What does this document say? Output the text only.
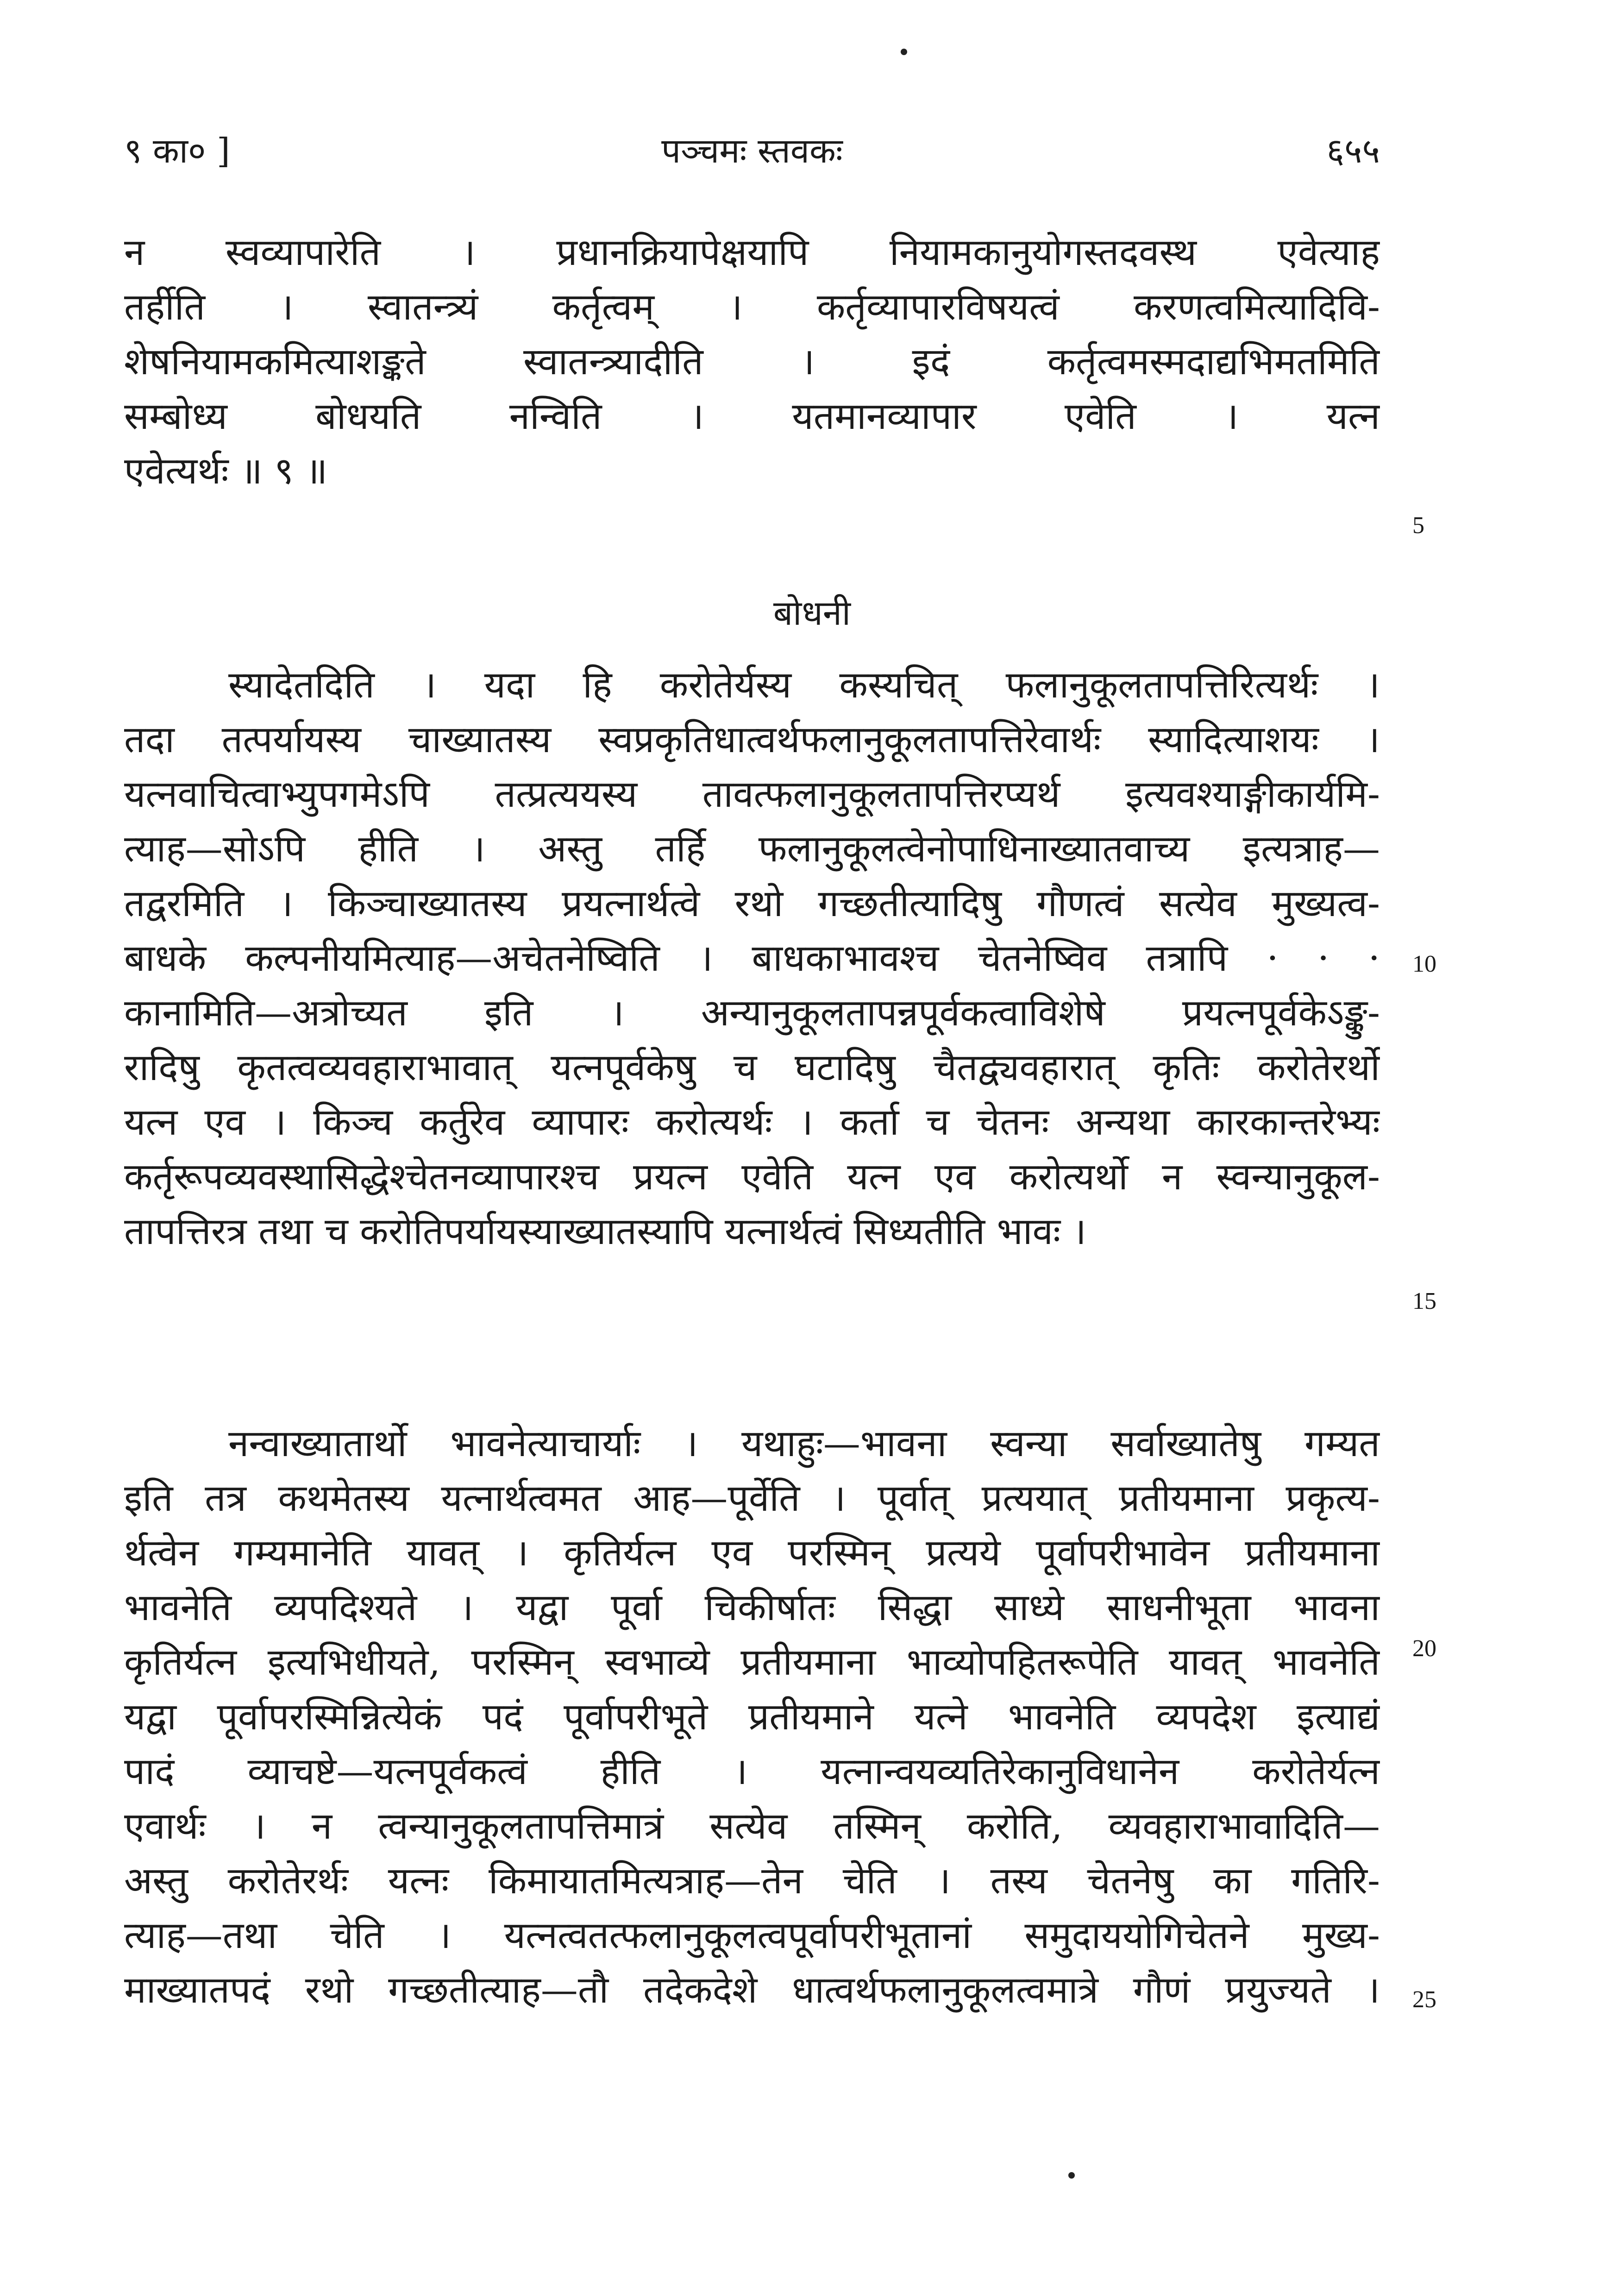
९ का० ]	पञ्चमः स्तवकः	६५५
न स्वव्यापारेति । प्रधानक्रियापेक्षयापि नियामकानुयोगस्तदवस्थ एवेत्याह
तर्हीति । स्वातन्त्र्यं कर्तृत्वम् । कर्तृव्यापारविषयत्वं करणत्वमित्यादिवि-
शेषनियामकमित्याशङ्कते स्वातन्त्र्यादीति । इदं कर्तृत्वमस्मदाद्यभिमतमिति
सम्बोध्य बोधयति नन्विति । यतमानव्यापार एवेति । यत्न
एवेत्यर्थः ॥ ९ ॥
5
बोधनी
स्यादेतदिति । यदा हि करोतेर्यस्य कस्यचित् फलानुकूलतापत्तिरित्यर्थः ।
तदा तत्पर्यायस्य चाख्यातस्य स्वप्रकृतिधात्वर्थफलानुकूलतापत्तिरेवार्थः स्यादित्याशयः ।
यत्नवाचित्वाभ्युपगमेऽपि तत्प्रत्ययस्य तावत्फलानुकूलतापत्तिरप्यर्थ इत्यवश्याङ्गीकार्यमि-
त्याह—सोऽपि हीति । अस्तु तर्हि फलानुकूलत्वेनोपाधिनाख्यातवाच्य इत्यत्राह—
तद्वरमिति । किञ्चाख्यातस्य प्रयत्नार्थत्वे रथो गच्छतीत्यादिषु गौणत्वं सत्येव मुख्यत्व-
बाधके कल्पनीयमित्याह—अचेतनेष्विति । बाधकाभावश्च चेतनेष्विव तत्रापि · · ·
कानामिति—अत्रोच्यत इति । अन्यानुकूलतापन्नपूर्वकत्वाविशेषे प्रयत्नपूर्वकेऽङ्कु-
रादिषु कृतत्वव्यवहाराभावात् यत्नपूर्वकेषु च घटादिषु चैतद्व्यवहारात् कृतिः करोतेरर्थो
यत्न एव । किञ्च कर्तुरेव व्यापारः करोत्यर्थः । कर्ता च चेतनः अन्यथा कारकान्तरेभ्यः
कर्तृरूपव्यवस्थासिद्धेश्चेतनव्यापारश्च प्रयत्न एवेति यत्न एव करोत्यर्थो न स्वन्यानुकूल-
तापत्तिरत्र तथा च करोतिपर्यायस्याख्यातस्यापि यत्नार्थत्वं सिध्यतीति भावः ।
10
15
नन्वाख्यातार्थो भावनेत्याचार्याः । यथाहुः—भावना स्वन्या सर्वाख्यातेषु गम्यत
इति तत्र कथमेतस्य यत्नार्थत्वमत आह—पूर्वेति । पूर्वात् प्रत्ययात् प्रतीयमाना प्रकृत्य-
र्थत्वेन गम्यमानेति यावत् । कृतिर्यत्न एव परस्मिन् प्रत्यये पूर्वापरीभावेन प्रतीयमाना
भावनेति व्यपदिश्यते । यद्वा पूर्वा चिकीर्षातः सिद्धा साध्ये साधनीभूता भावना
कृतिर्यत्न इत्यभिधीयते, परस्मिन् स्वभाव्ये प्रतीयमाना भाव्योपहितरूपेति यावत् भावनेति
यद्वा पूर्वापरस्मिन्नित्येकं पदं पूर्वापरीभूते प्रतीयमाने यत्ने भावनेति व्यपदेश इत्याद्यं
पादं व्याचष्टे—यत्नपूर्वकत्वं हीति । यत्नान्वयव्यतिरेकानुविधानेन करोतेर्यत्न
एवार्थः । न त्वन्यानुकूलतापत्तिमात्रं सत्येव तस्मिन् करोति, व्यवहाराभावादिति—
अस्तु करोतेरर्थः यत्नः किमायातमित्यत्राह—तेन चेति । तस्य चेतनेषु का गतिरि-
त्याह—तथा चेति । यत्नत्वतत्फलानुकूलत्वपूर्वापरीभूतानां समुदाययोगिचेतने मुख्य-
माख्यातपदं रथो गच्छतीत्याह—तौ तदेकदेशे धात्वर्थफलानुकूलत्वमात्रे गौणं प्रयुज्यते ।
20
25
